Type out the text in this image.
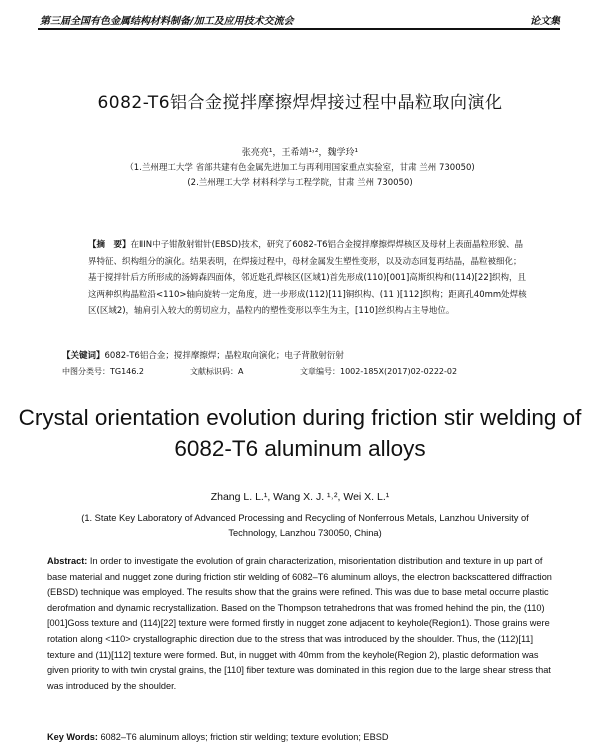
第三届全国有色金属结构材料制备/加工及应用技术交流会	论文集
6082-T6铝合金搅拌摩擦焊焊接过程中晶粒取向演化
张亮亮¹，王希靖¹˒²，魏学玲¹
（1.兰州理工大学 省部共建有色金属先进加工与再利用国家重点实验室，甘肃 兰州 730050)
(2.兰州理工大学 材料科学与工程学院，甘肃 兰州 730050)
【摘　要】在ⅡIN中子钳散射钳针(EBSD)技术，研究了6082-T6铝合金搅拌摩擦焊焊核区及母材上表面晶粒形貌、晶界特征、织构组分的演化。结果表明，在焊接过程中，母材金属发生塑性变形，以及动态回复再结晶，晶粒被细化；基于搅拌针后方所形成的汤姆森四面体，邻近匙孔焊核区(区域1)首先形成(110)[001]高斯织构和(114)[22]织构，且这两种织构晶粒沿<110>轴向旋转一定角度，进一步形成(112)[11]铜织构、(11 )[112]织构；距离孔40mm处焊核区(区域2)，轴肩引入较大的剪切应力，晶粒内的塑性变形以孪生为主，[110]丝织构占主导地位。
【关键词】6082-T6铝合金；搅拌摩擦焊；晶粒取向演化；电子背散射衍射
中图分类号：TG146.2	文献标识码：A	文章编号：1002-185X(2017)02-0222-02
Crystal orientation evolution during friction stir welding of 6082-T6 aluminum alloys
Zhang L. L.¹, Wang X. J. ¹˒², Wei X. L.¹
(1. State Key Laboratory of Advanced Processing and Recycling of Nonferrous Metals, Lanzhou University of Technology, Lanzhou 730050, China)
Abstract: In order to investigate the evolution of grain characterization, misorientation distribution and texture in up part of base material and nugget zone during friction stir welding of 6082–T6 aluminum alloys, the electron backscattered diffraction (EBSD) technique was employed. The results show that the grains were refined. This was due to base metal occurre plastic derofmation and dynamic recrystallization. Based on the Thompson tetrahedrons that was fromed hehind the pin, the (110)[001]Goss texture and (114)[22] texture were formed firstly in nugget zone adjacent to keyhole(Region1). Those grains were rotation along <110> crystallographic direction due to the stress that was introduced by the shoulder. Thus, the (112)[11] texture and (11)[112] texture were formed. But, in nugget with 40mm from the keyhole(Region 2), plastic deformation was given priority to with twin crystal grains, the [110] fiber texture was dominated in this region due to the large shear stress that was introduced by the shoulder.
Key Words: 6082–T6 aluminum alloys; friction stir welding; texture evolution; EBSD
